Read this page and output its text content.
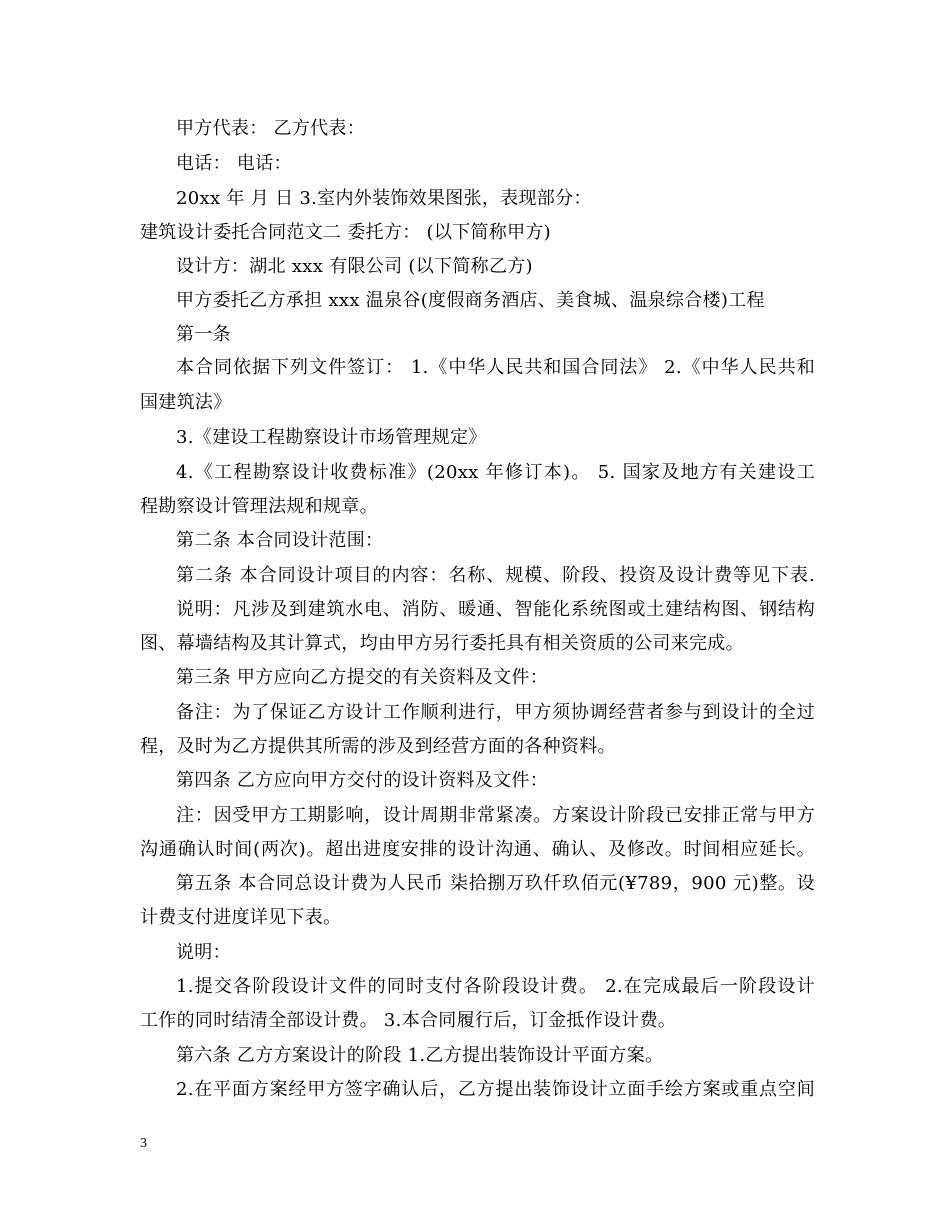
甲方代表： 乙方代表：
电话： 电话：
20xx 年 月 日 3.室内外装饰效果图张，表现部分：
建筑设计委托合同范文二 委托方： (以下简称甲方)
设计方：湖北 xxx 有限公司 (以下简称乙方)
甲方委托乙方承担 xxx 温泉谷(度假商务酒店、美食城、温泉综合楼)工程
第一条
本合同依据下列文件签订： 1.《中华人民共和国合同法》 2.《中华人民共和
国建筑法》
3.《建设工程勘察设计市场管理规定》
4.《工程勘察设计收费标准》(20xx 年修订本)。 5. 国家及地方有关建设工
程勘察设计管理法规和规章。
第二条 本合同设计范围：
第二条 本合同设计项目的内容：名称、规模、阶段、投资及设计费等见下表.
说明：凡涉及到建筑水电、消防、暖通、智能化系统图或土建结构图、钢结构
图、幕墙结构及其计算式，均由甲方另行委托具有相关资质的公司来完成。
第三条 甲方应向乙方提交的有关资料及文件：
备注：为了保证乙方设计工作顺利进行，甲方须协调经营者参与到设计的全过
程，及时为乙方提供其所需的涉及到经营方面的各种资料。
第四条 乙方应向甲方交付的设计资料及文件：
注：因受甲方工期影响，设计周期非常紧凑。方案设计阶段已安排正常与甲方
沟通确认时间(两次)。超出进度安排的设计沟通、确认、及修改。时间相应延长。
第五条 本合同总设计费为人民币 柒拾捌万玖仟玖佰元(¥789，900 元)整。设
计费支付进度详见下表。
说明：
1.提交各阶段设计文件的同时支付各阶段设计费。 2.在完成最后一阶段设计
工作的同时结清全部设计费。 3.本合同履行后，订金抵作设计费。
第六条 乙方方案设计的阶段 1.乙方提出装饰设计平面方案。
2.在平面方案经甲方签字确认后，乙方提出装饰设计立面手绘方案或重点空间
3
